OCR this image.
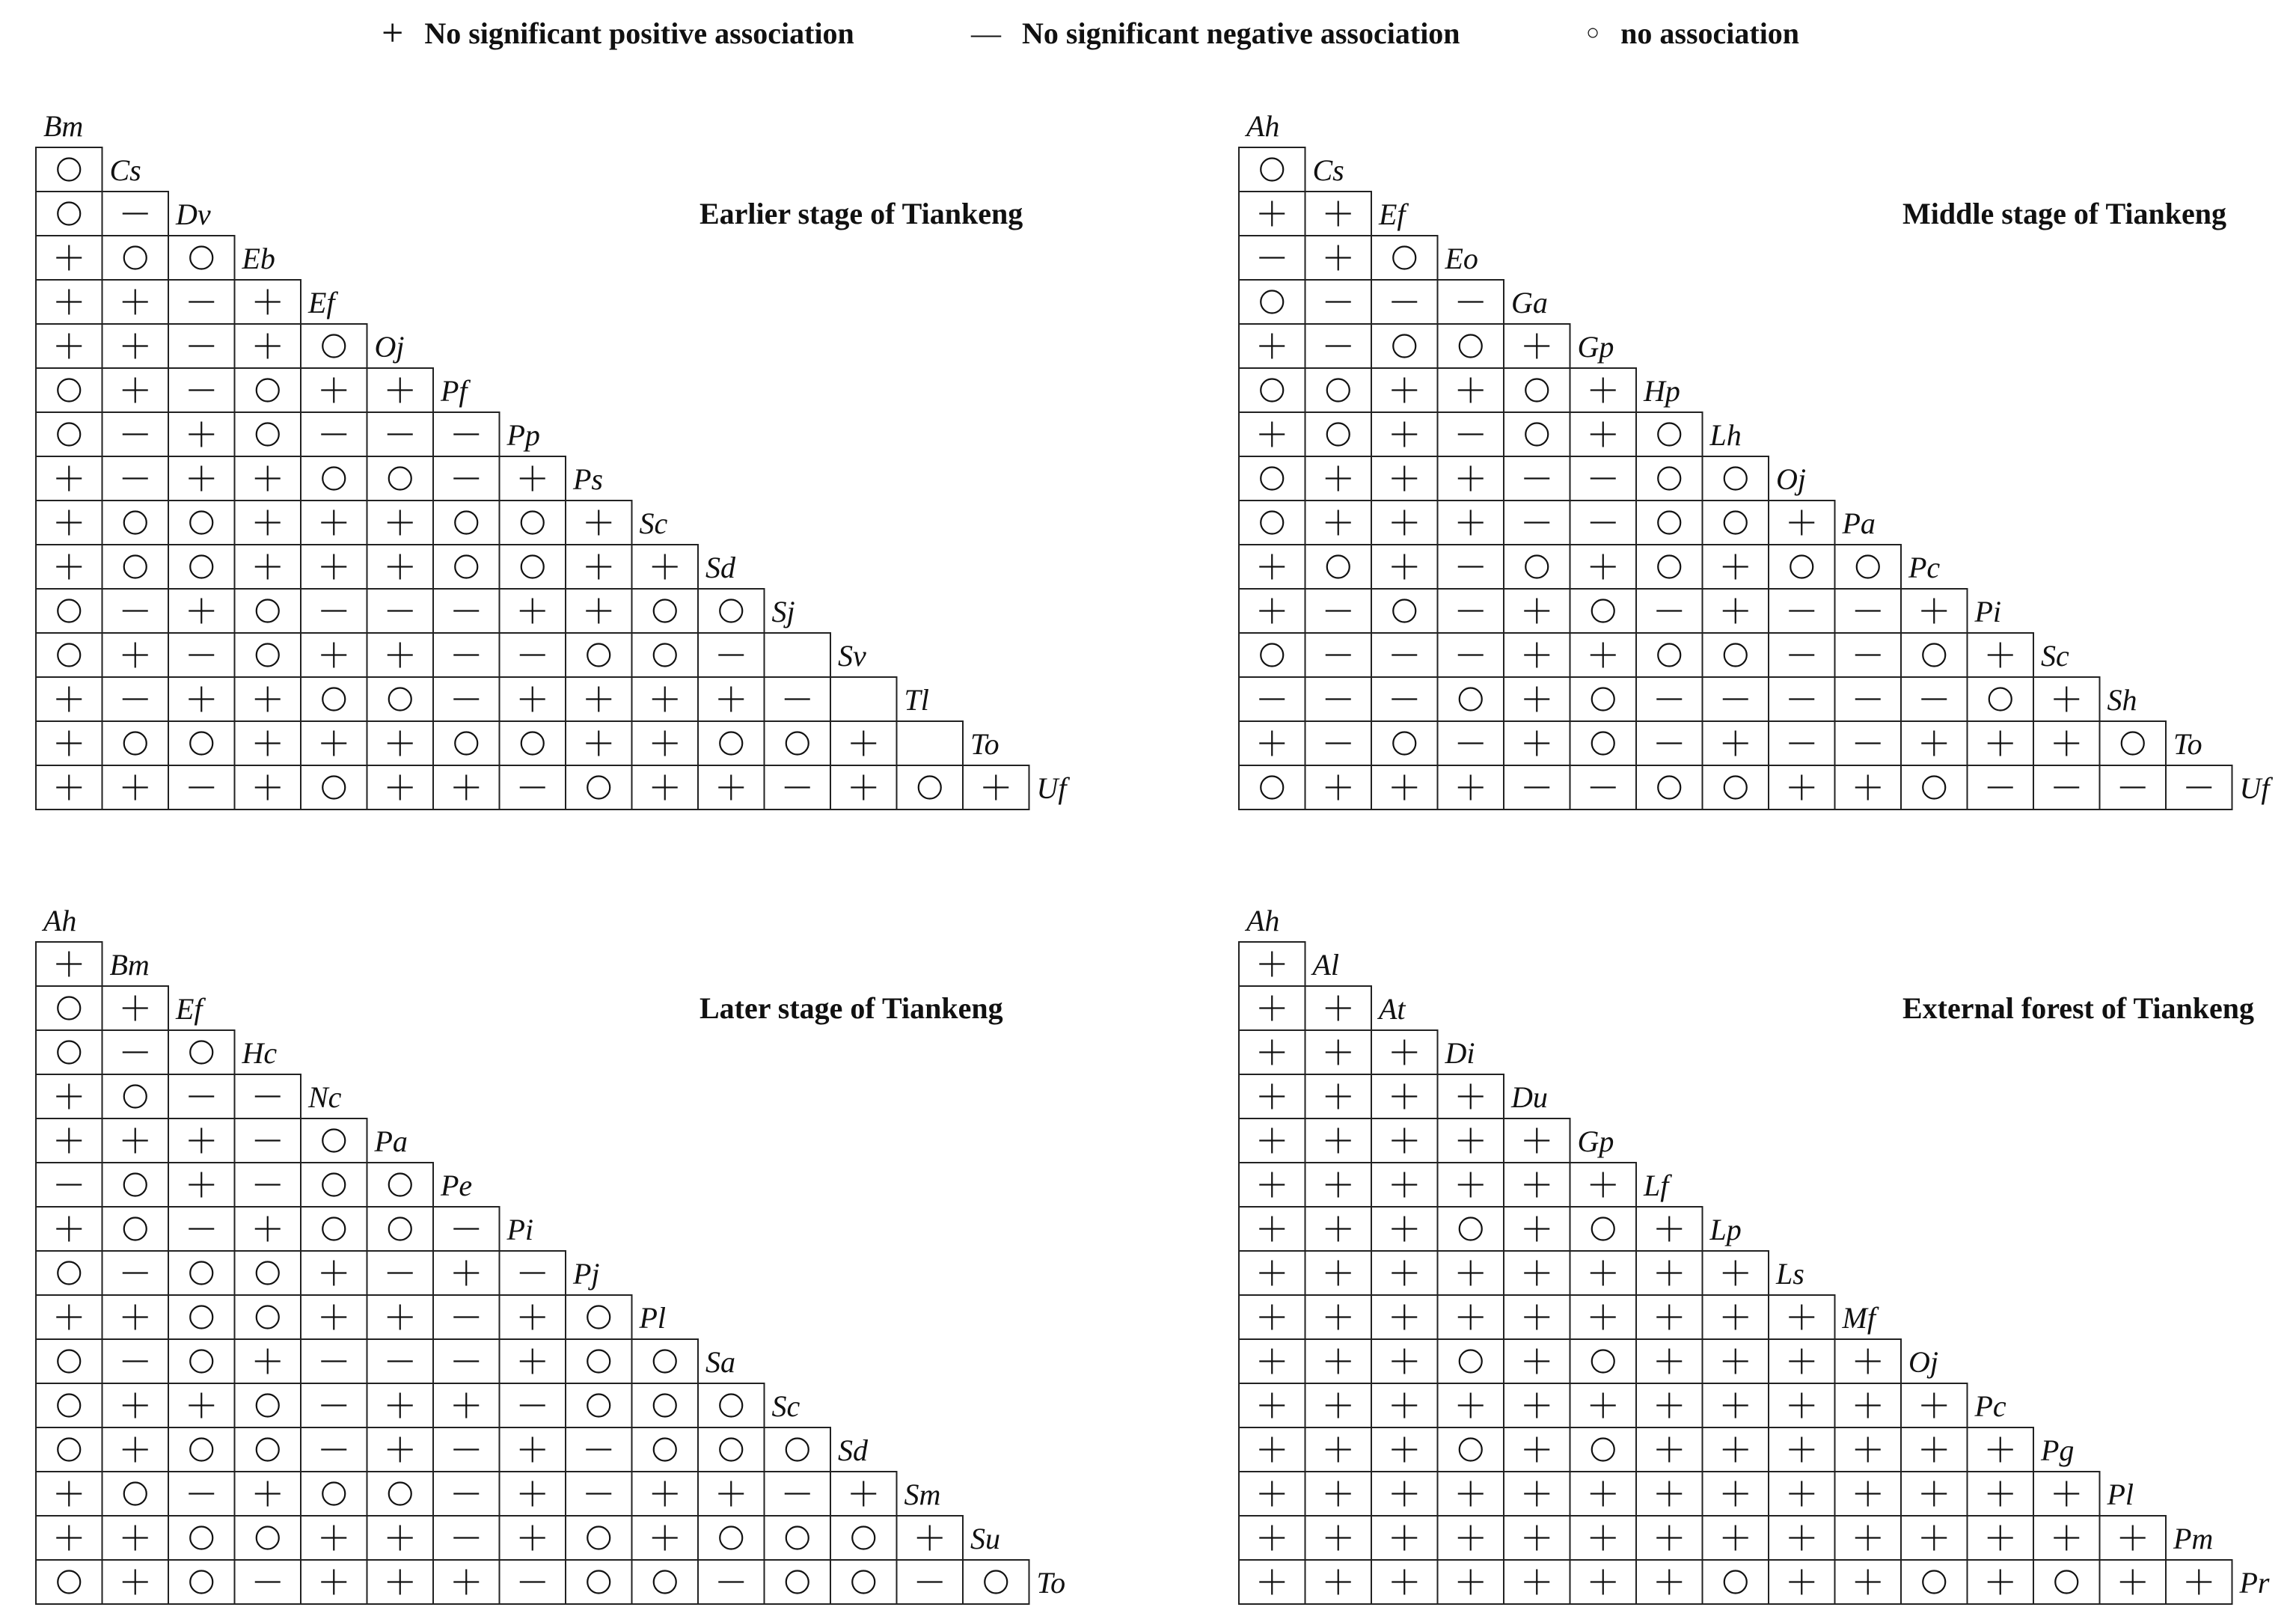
+ No significant positive association	— No significant negative association	○ no association
Bm
Cs
Dv
Eb
Ef
Oj
Pf
Pp
Ps
Sc
Sd
Sj
Sv
Tl
To
Uf
Earlier stage of Tiankeng
Ah
Cs
Ef
Eo
Ga
Gp
Hp
Lh
Oj
Pa
Pc
Pi
Sc
Sh
To
Uf
Middle stage of Tiankeng
Ah
Bm
Ef
Hc
Nc
Pa
Pe
Pi
Pj
Pl
Sa
Sc
Sd
Sm
Su
To
Later stage of Tiankeng
Ah
Al
At
Di
Du
Gp
Lf
Lp
Ls
Mf
Oj
Pc
Pg
Pl
Pm
Pr
External forest of Tiankeng
